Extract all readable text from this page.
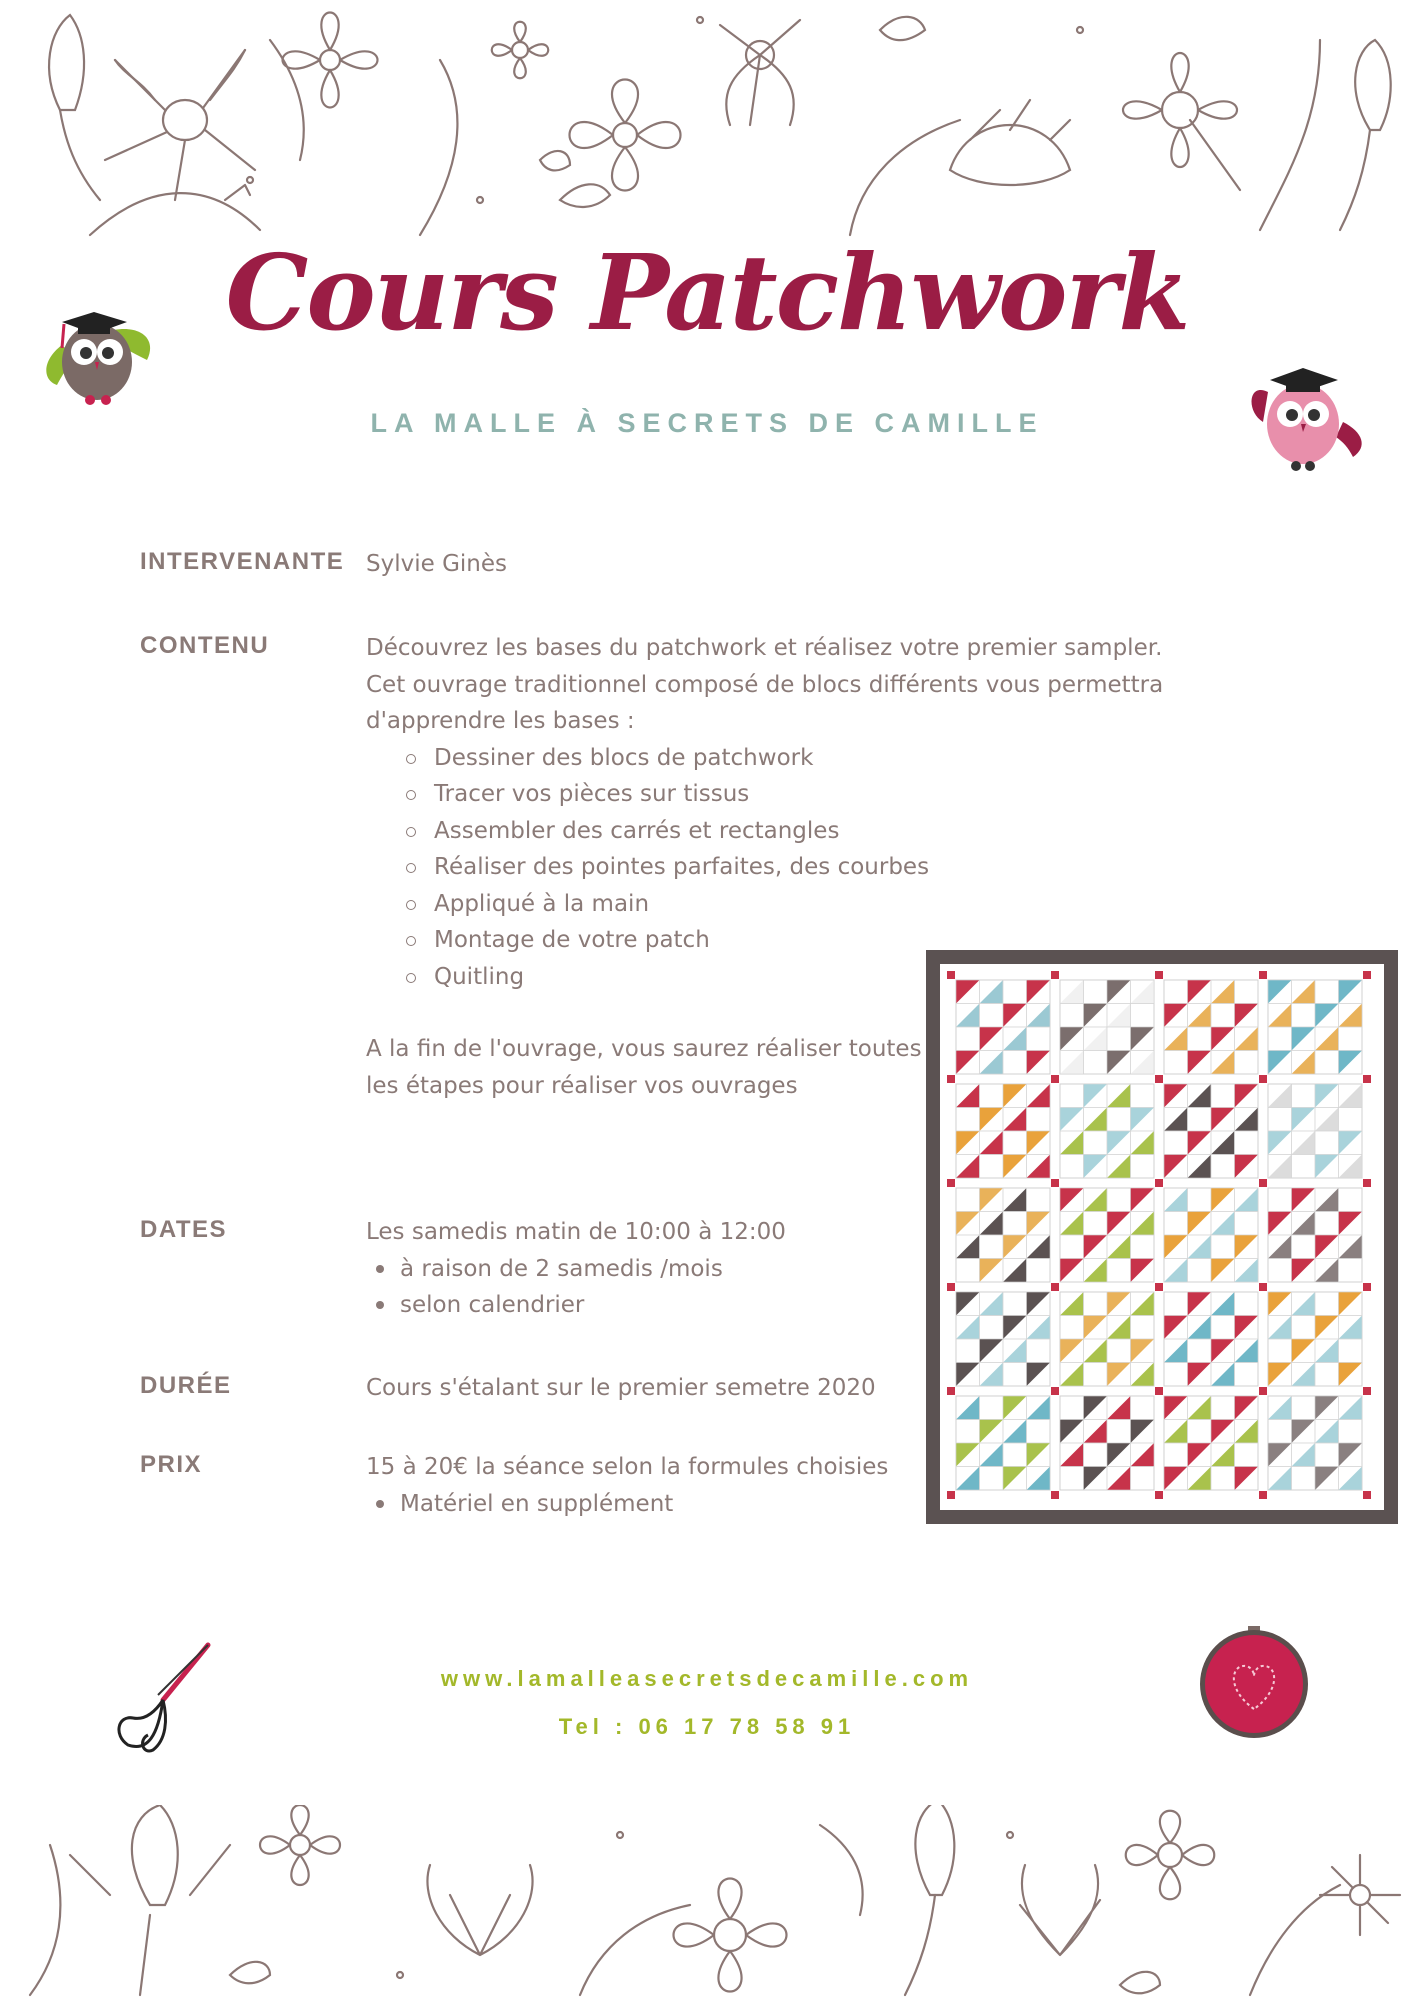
Cours Patchwork

LA MALLE À SECRETS DE CAMILLE

INTERVENANTE Sylvie Ginès

CONTENU	Découvrez les bases du patchwork et réalisez votre premier sampler.

Cet ouvrage traditionnel composé de blocs différents vous permettra

d'apprendre les bases :

Dessiner des blocs de patchwork
Tracer vos pièces sur tissus
Assembler des carrés et rectangles
Réaliser des pointes parfaites, des courbes
Appliqué à la main
Montage de votre patch
Quitling

A la fin de l'ouvrage, vous saurez réaliser toutes

les étapes pour réaliser vos ouvrages

DATES	Les samedis matin de 10:00 à 12:00

à raison de 2 samedis /mois
selon calendrier
DURÉE	Cours s'étalant sur le premier semetre 2020

PRIX	15 à 20€ la séance selon la formules choisies

Matériel en supplément
www.lamalleasecretsdecamille.com
Tel : 06 17 78 58 91
